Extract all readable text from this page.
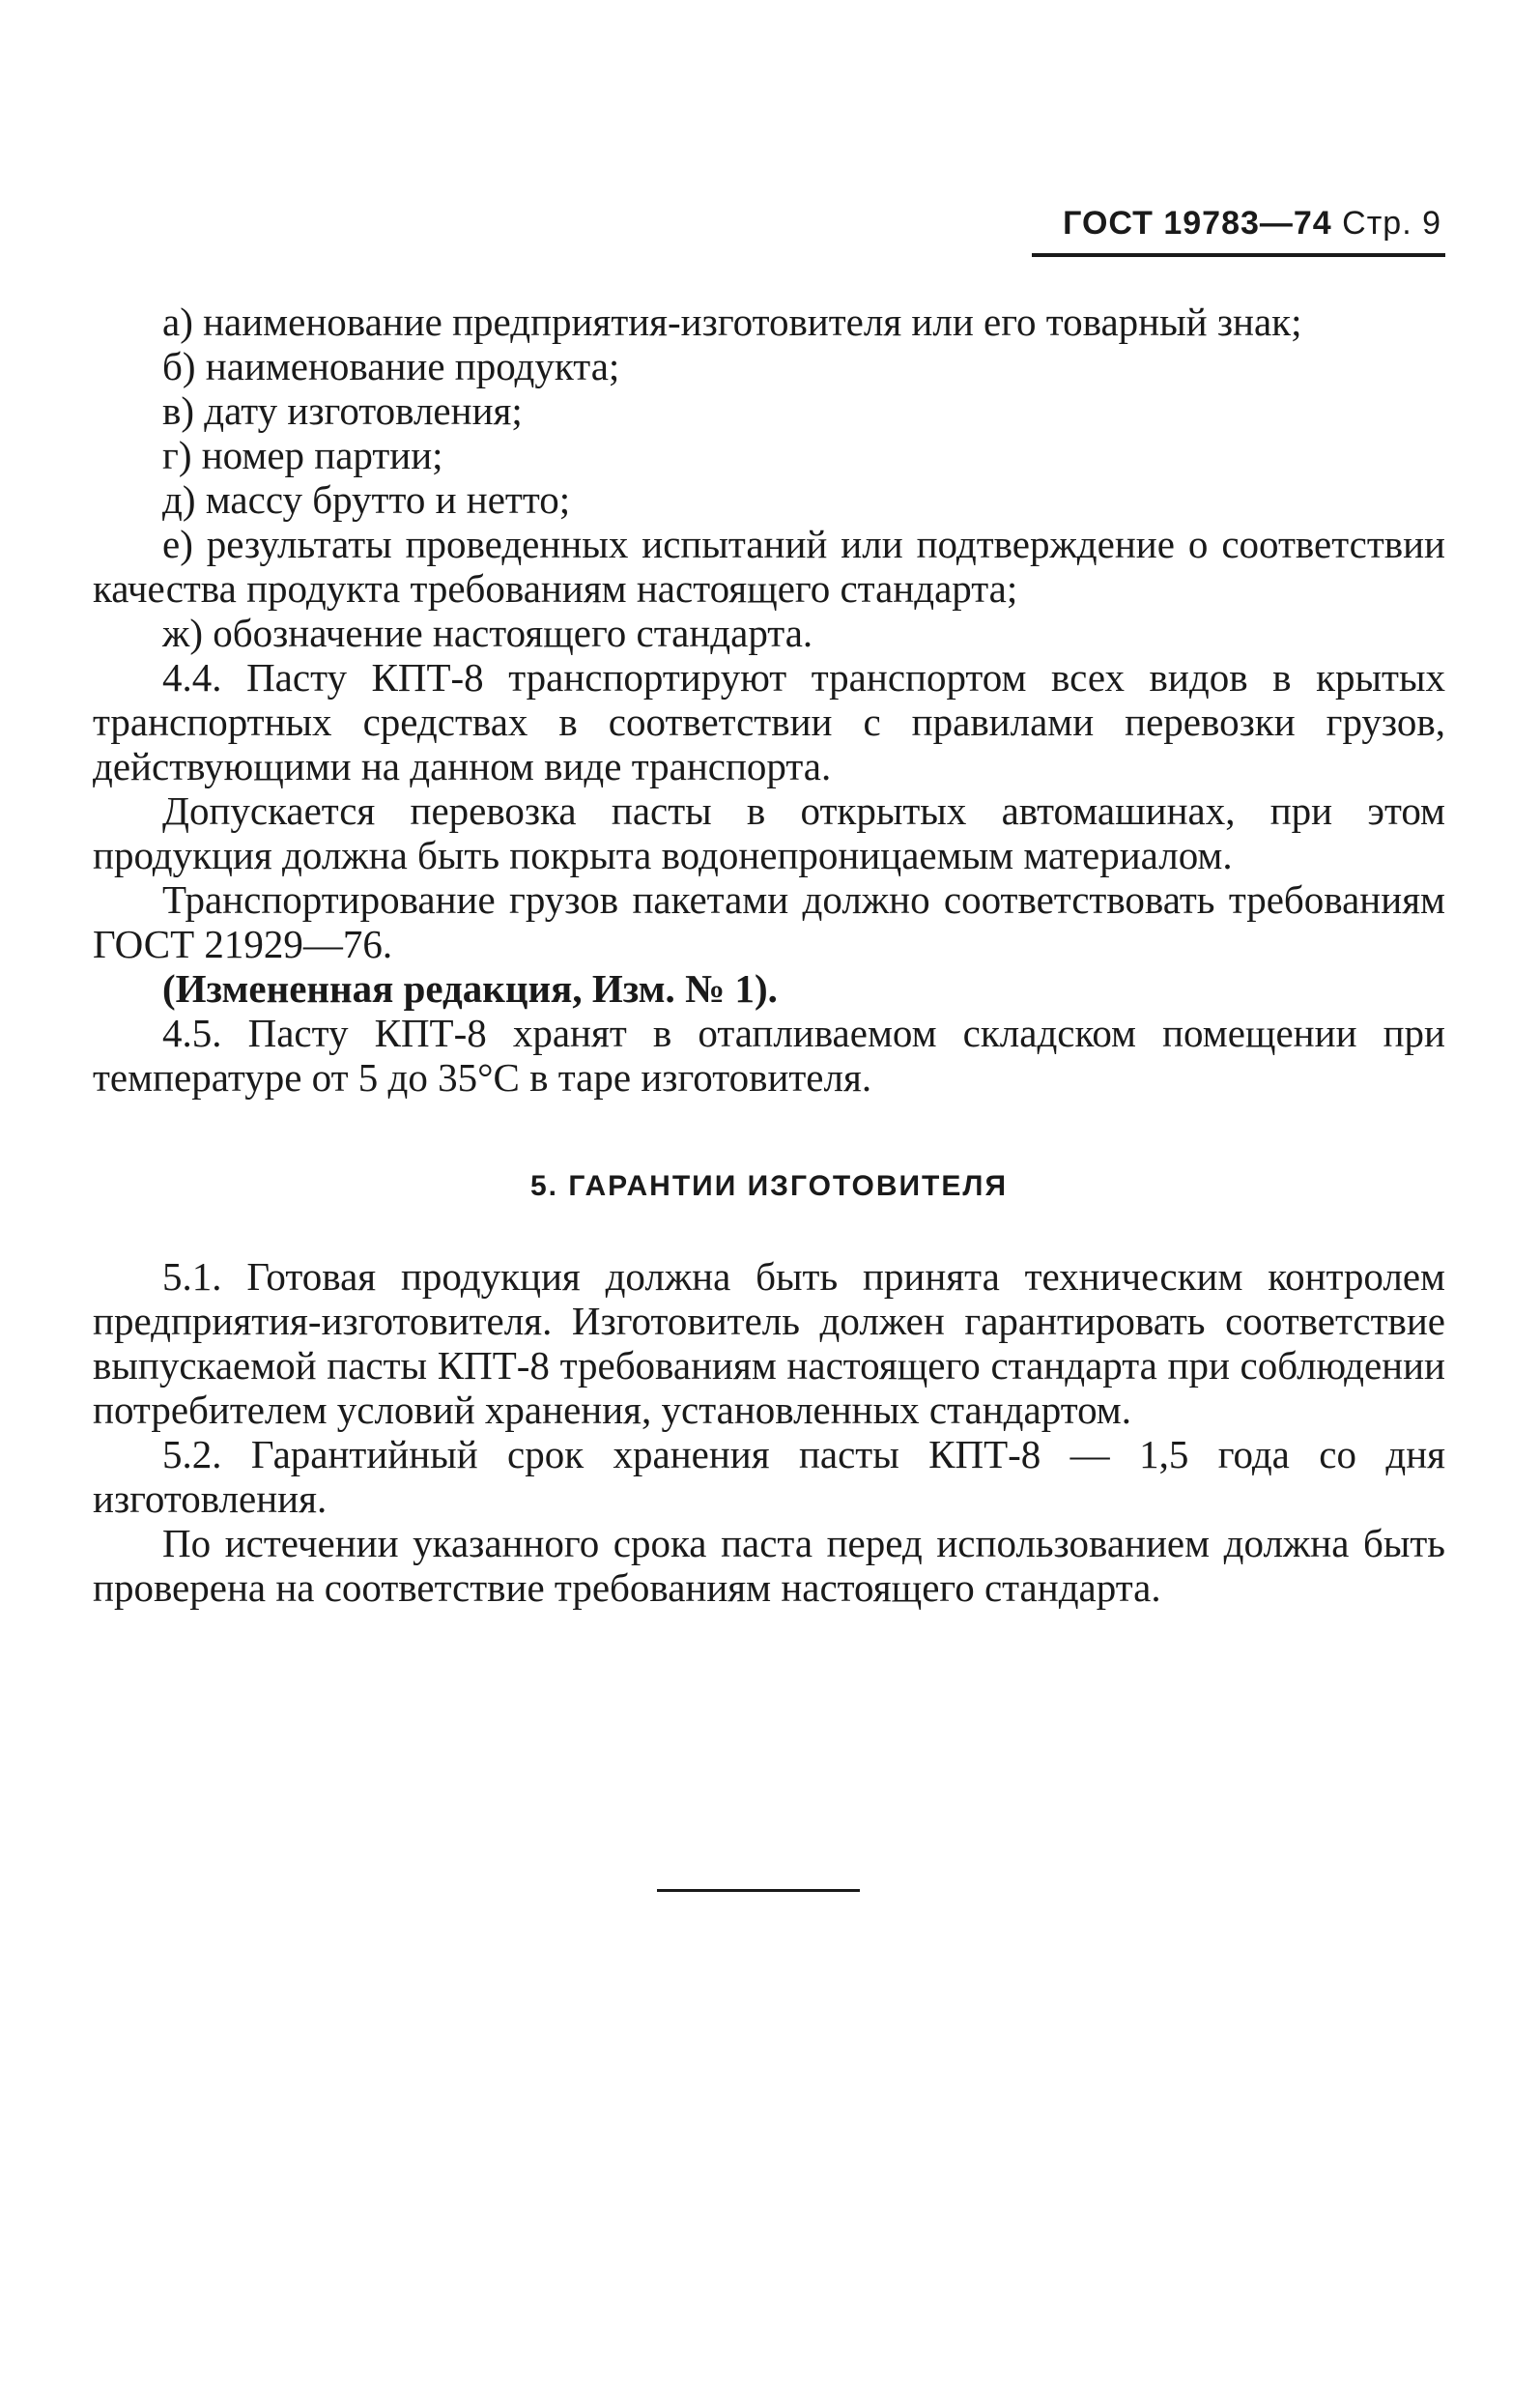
ГОСТ 19783—74 Стр. 9

а) наименование предприятия-изготовителя или его товарный знак;

б) наименование продукта;

в) дату изготовления;

г) номер партии;

д) массу брутто и нетто;

е) результаты проведенных испытаний или подтверждение о соответствии качества продукта требованиям настоящего стандарта;

ж) обозначение настоящего стандарта.

4.4. Пасту КПТ-8 транспортируют транспортом всех видов в крытых транспортных средствах в соответствии с правилами перевозки грузов, действующими на данном виде транспорта.

Допускается перевозка пасты в открытых автомашинах, при этом продукция должна быть покрыта водонепроницаемым материалом.

Транспортирование грузов пакетами должно соответствовать требованиям ГОСТ 21929—76.

(Измененная редакция, Изм. № 1).

4.5. Пасту КПТ-8 хранят в отапливаемом складском помещении при температуре от 5 до 35°С в таре изготовителя.

5. ГАРАНТИИ ИЗГОТОВИТЕЛЯ

5.1. Готовая продукция должна быть принята техническим контролем предприятия-изготовителя. Изготовитель должен гарантировать соответствие выпускаемой пасты КПТ-8 требованиям настоящего стандарта при соблюдении потребителем условий хранения, установленных стандартом.

5.2. Гарантийный срок хранения пасты КПТ-8 — 1,5 года со дня изготовления.

По истечении указанного срока паста перед использованием должна быть проверена на соответствие требованиям настоящего стандарта.
